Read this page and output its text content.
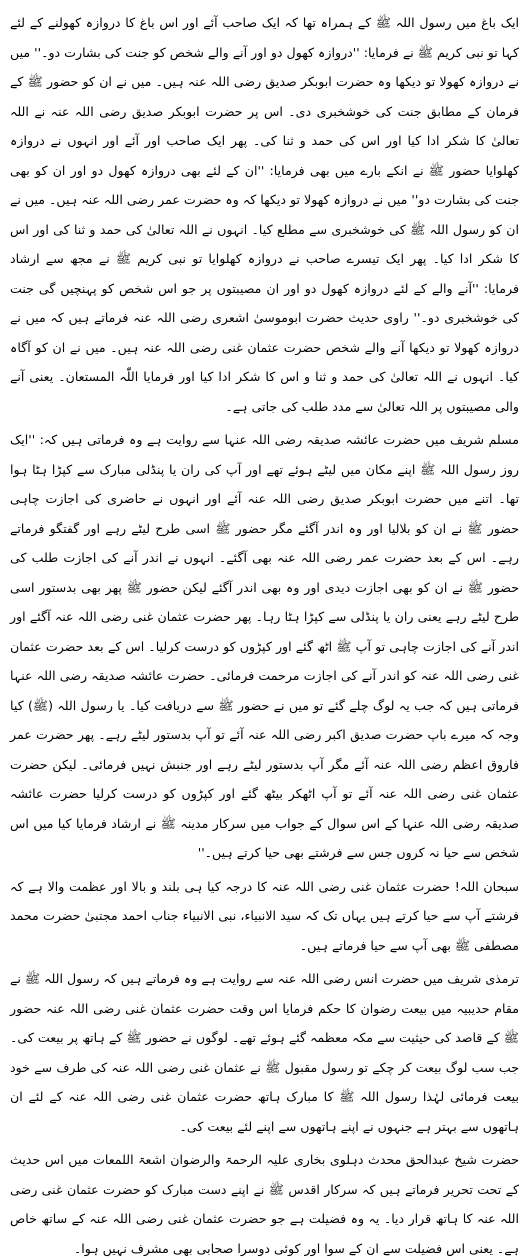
ایک باغ میں رسول اللہ ﷺ کے ہمراہ تھا کہ ایک صاحب آئے اور اس باغ کا دروازہ کھولنے کے لئے کہا تو نبی کریم ﷺ نے فرمایا: ''دروازہ کھول دو اور آنے والے شخص کو جنت کی بشارت دو۔'' میں نے دروازہ کھولا تو دیکھا وہ حضرت ابوبکر صدیق رضی اللہ عنہ ہیں۔ میں نے ان کو حضور ﷺ کے فرمان کے مطابق جنت کی خوشخبری دی۔ اس پر حضرت ابوبکر صدیق رضی اللہ عنہ نے اللہ تعالیٰ کا شکر ادا کیا اور اس کی حمد و ثنا کی۔ پھر ایک صاحب اور آئے اور انہوں نے دروازہ کھلوایا حضور ﷺ نے انکے بارے میں بھی فرمایا: ''ان کے لئے بھی دروازہ کھول دو اور ان کو بھی جنت کی بشارت دو'' میں نے دروازہ کھولا تو دیکھا کہ وہ حضرت عمر رضی اللہ عنہ ہیں۔ میں نے ان کو رسول اللہ ﷺ کی خوشخبری سے مطلع کیا۔ انہوں نے اللہ تعالیٰ کی حمد و ثنا کی اور اس کا شکر ادا کیا۔ پھر ایک تیسرے صاحب نے دروازہ کھلوایا تو نبی کریم ﷺ نے مجھ سے ارشاد فرمایا: ''آنے والے کے لئے دروازہ کھول دو اور ان مصیبتوں پر جو اس شخص کو پہنچیں گی جنت کی خوشخبری دو۔'' راوی حدیث حضرت ابوموسیٰ اشعری رضی اللہ عنہ فرماتے ہیں کہ میں نے دروازہ کھولا تو دیکھا آنے والے شخص حضرت عثمان غنی رضی اللہ عنہ ہیں۔ میں نے ان کو آگاہ کیا۔ انہوں نے اللہ تعالیٰ کی حمد و ثنا و اس کا شکر ادا کیا اور فرمایا اللّٰہ المستعان۔ یعنی آنے والی مصیبتوں پر اللہ تعالیٰ سے مدد طلب کی جاتی ہے۔

مسلم شریف میں حضرت عائشہ صدیقہ رضی اللہ عنہا سے روایت ہے وہ فرماتی ہیں کہ: ''ایک روز رسول اللہ ﷺ اپنے مکان میں لیٹے ہوئے تھے اور آپ کی ران یا پنڈلی مبارک سے کپڑا ہٹا ہوا تھا۔ اتنے میں حضرت ابوبکر صدیق رضی اللہ عنہ آئے اور انہوں نے حاضری کی اجازت چاہی حضور ﷺ نے ان کو بلالیا اور وہ اندر آگئے مگر حضور ﷺ اسی طرح لیٹے رہے اور گفتگو فرماتے رہے۔ اس کے بعد حضرت عمر رضی اللہ عنہ بھی آگئے۔ انہوں نے اندر آنے کی اجازت طلب کی حضور ﷺ نے ان کو بھی اجازت دیدی اور وہ بھی اندر آگئے لیکن حضور ﷺ پھر بھی بدستور اسی طرح لیٹے رہے یعنی ران یا پنڈلی سے کپڑا ہٹا رہا۔ پھر حضرت عثمان غنی رضی اللہ عنہ آگئے اور اندر آنے کی اجازت چاہی تو آپ ﷺ اٹھ گئے اور کپڑوں کو درست کرلیا۔ اس کے بعد حضرت عثمان غنی رضی اللہ عنہ کو اندر آنے کی اجازت مرحمت فرمائی۔ حضرت عائشہ صدیقہ رضی اللہ عنہا فرماتی ہیں کہ جب یہ لوگ چلے گئے تو میں نے حضور ﷺ سے دریافت کیا۔ یا رسول اللہ (ﷺ) کیا وجہ کہ میرے باپ حضرت صدیق اکبر رضی اللہ عنہ آئے تو آپ بدستور لیٹے رہے۔ پھر حضرت عمر فاروق اعظم رضی اللہ عنہ آئے مگر آپ بدستور لیٹے رہے اور جنبش نہیں فرمائی۔ لیکن حضرت عثمان غنی رضی اللہ عنہ آئے تو آپ اٹھکر بیٹھ گئے اور کپڑوں کو درست کرلیا حضرت عائشہ صدیقہ رضی اللہ عنہا کے اس سوال کے جواب میں سرکار مدینہ ﷺ نے ارشاد فرمایا کیا میں اس شخص سے حیا نہ کروں جس سے فرشتے بھی حیا کرتے ہیں۔''

سبحان اللہ! حضرت عثمان غنی رضی اللہ عنہ کا درجہ کیا ہی بلند و بالا اور عظمت والا ہے کہ فرشتے آپ سے حیا کرتے ہیں یہاں تک کہ سید الانبیاء، نبی الانبیاء جناب احمد مجتبیٰ حضرت محمد مصطفی ﷺ بھی آپ سے حیا فرماتے ہیں۔

ترمذی شریف میں حضرت انس رضی اللہ عنہ سے روایت ہے وہ فرماتے ہیں کہ رسول اللہ ﷺ نے مقام حدیبیہ میں بیعت رضوان کا حکم فرمایا اس وقت حضرت عثمان غنی رضی اللہ عنہ حضور ﷺ کے قاصد کی حیثیت سے مکہ معظمہ گئے ہوئے تھے۔ لوگوں نے حضور ﷺ کے ہاتھ پر بیعت کی۔ جب سب لوگ بیعت کر چکے تو رسول مقبول ﷺ نے عثمان غنی رضی اللہ عنہ کی طرف سے خود بیعت فرمائی لہٰذا رسول اللہ ﷺ کا مبارک ہاتھ حضرت عثمان غنی رضی اللہ عنہ کے لئے ان ہاتھوں سے بہتر ہے جنہوں نے اپنے ہاتھوں سے اپنے لئے بیعت کی۔

حضرت شیخ عبدالحق محدث دہلوی بخاری علیہ الرحمۃ والرضوان اشعۃ اللمعات میں اس حدیث کے تحت تحریر فرماتے ہیں کہ سرکار اقدس ﷺ نے اپنے دست مبارک کو حضرت عثمان غنی رضی اللہ عنہ کا ہاتھ قرار دیا۔ یہ وہ فضیلت ہے جو حضرت عثمان غنی رضی اللہ عنہ کے ساتھ خاص ہے۔ یعنی اس فضیلت سے ان کے سوا اور کوئی دوسرا صحابی بھی مشرف نہیں ہوا۔
